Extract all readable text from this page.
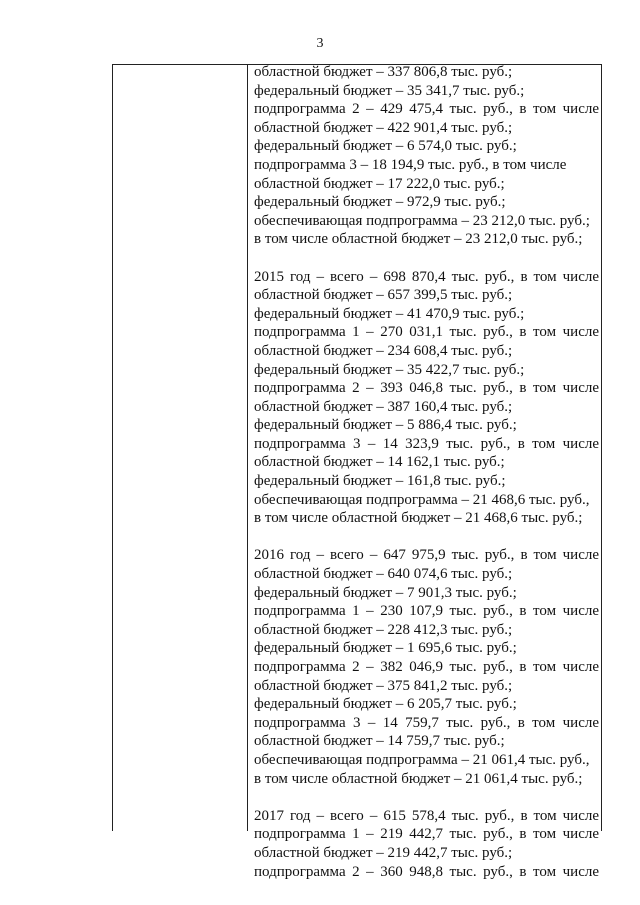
3
областной бюджет – 337 806,8 тыс. руб.;
федеральный бюджет – 35 341,7 тыс. руб.;
подпрограмма 2 – 429 475,4 тыс. руб., в том числе
областной бюджет – 422 901,4 тыс. руб.;
федеральный бюджет – 6 574,0 тыс. руб.;
подпрограмма 3 – 18 194,9 тыс. руб., в том числе
областной бюджет – 17 222,0 тыс. руб.;
федеральный бюджет – 972,9 тыс. руб.;
обеспечивающая подпрограмма – 23 212,0 тыс. руб.;
в том числе областной бюджет – 23 212,0 тыс. руб.;
2015 год – всего – 698 870,4 тыс. руб., в том числе
областной бюджет – 657 399,5 тыс. руб.;
федеральный бюджет – 41 470,9 тыс. руб.;
подпрограмма 1 – 270 031,1 тыс. руб., в том числе
областной бюджет – 234 608,4 тыс. руб.;
федеральный бюджет – 35 422,7 тыс. руб.;
подпрограмма 2 – 393 046,8 тыс. руб., в том числе
областной бюджет – 387 160,4 тыс. руб.;
федеральный бюджет – 5 886,4 тыс. руб.;
подпрограмма 3 – 14 323,9 тыс. руб., в том числе
областной бюджет – 14 162,1 тыс. руб.;
федеральный бюджет – 161,8 тыс. руб.;
обеспечивающая подпрограмма – 21 468,6 тыс. руб.,
в том числе областной бюджет – 21 468,6 тыс. руб.;
2016 год – всего – 647 975,9 тыс. руб., в том числе
областной бюджет – 640 074,6 тыс. руб.;
федеральный бюджет – 7 901,3 тыс. руб.;
подпрограмма 1 – 230 107,9 тыс. руб., в том числе
областной бюджет – 228 412,3 тыс. руб.;
федеральный бюджет – 1 695,6 тыс. руб.;
подпрограмма 2 – 382 046,9 тыс. руб., в том числе
областной бюджет – 375 841,2 тыс. руб.;
федеральный бюджет – 6 205,7 тыс. руб.;
подпрограмма 3 – 14 759,7 тыс. руб., в том числе
областной бюджет – 14 759,7 тыс. руб.;
обеспечивающая подпрограмма – 21 061,4 тыс. руб.,
в том числе областной бюджет – 21 061,4 тыс. руб.;
2017 год – всего – 615 578,4 тыс. руб., в том числе
подпрограмма 1 – 219 442,7 тыс. руб., в том числе
областной бюджет – 219 442,7 тыс. руб.;
подпрограмма 2 – 360 948,8 тыс. руб., в том числе
